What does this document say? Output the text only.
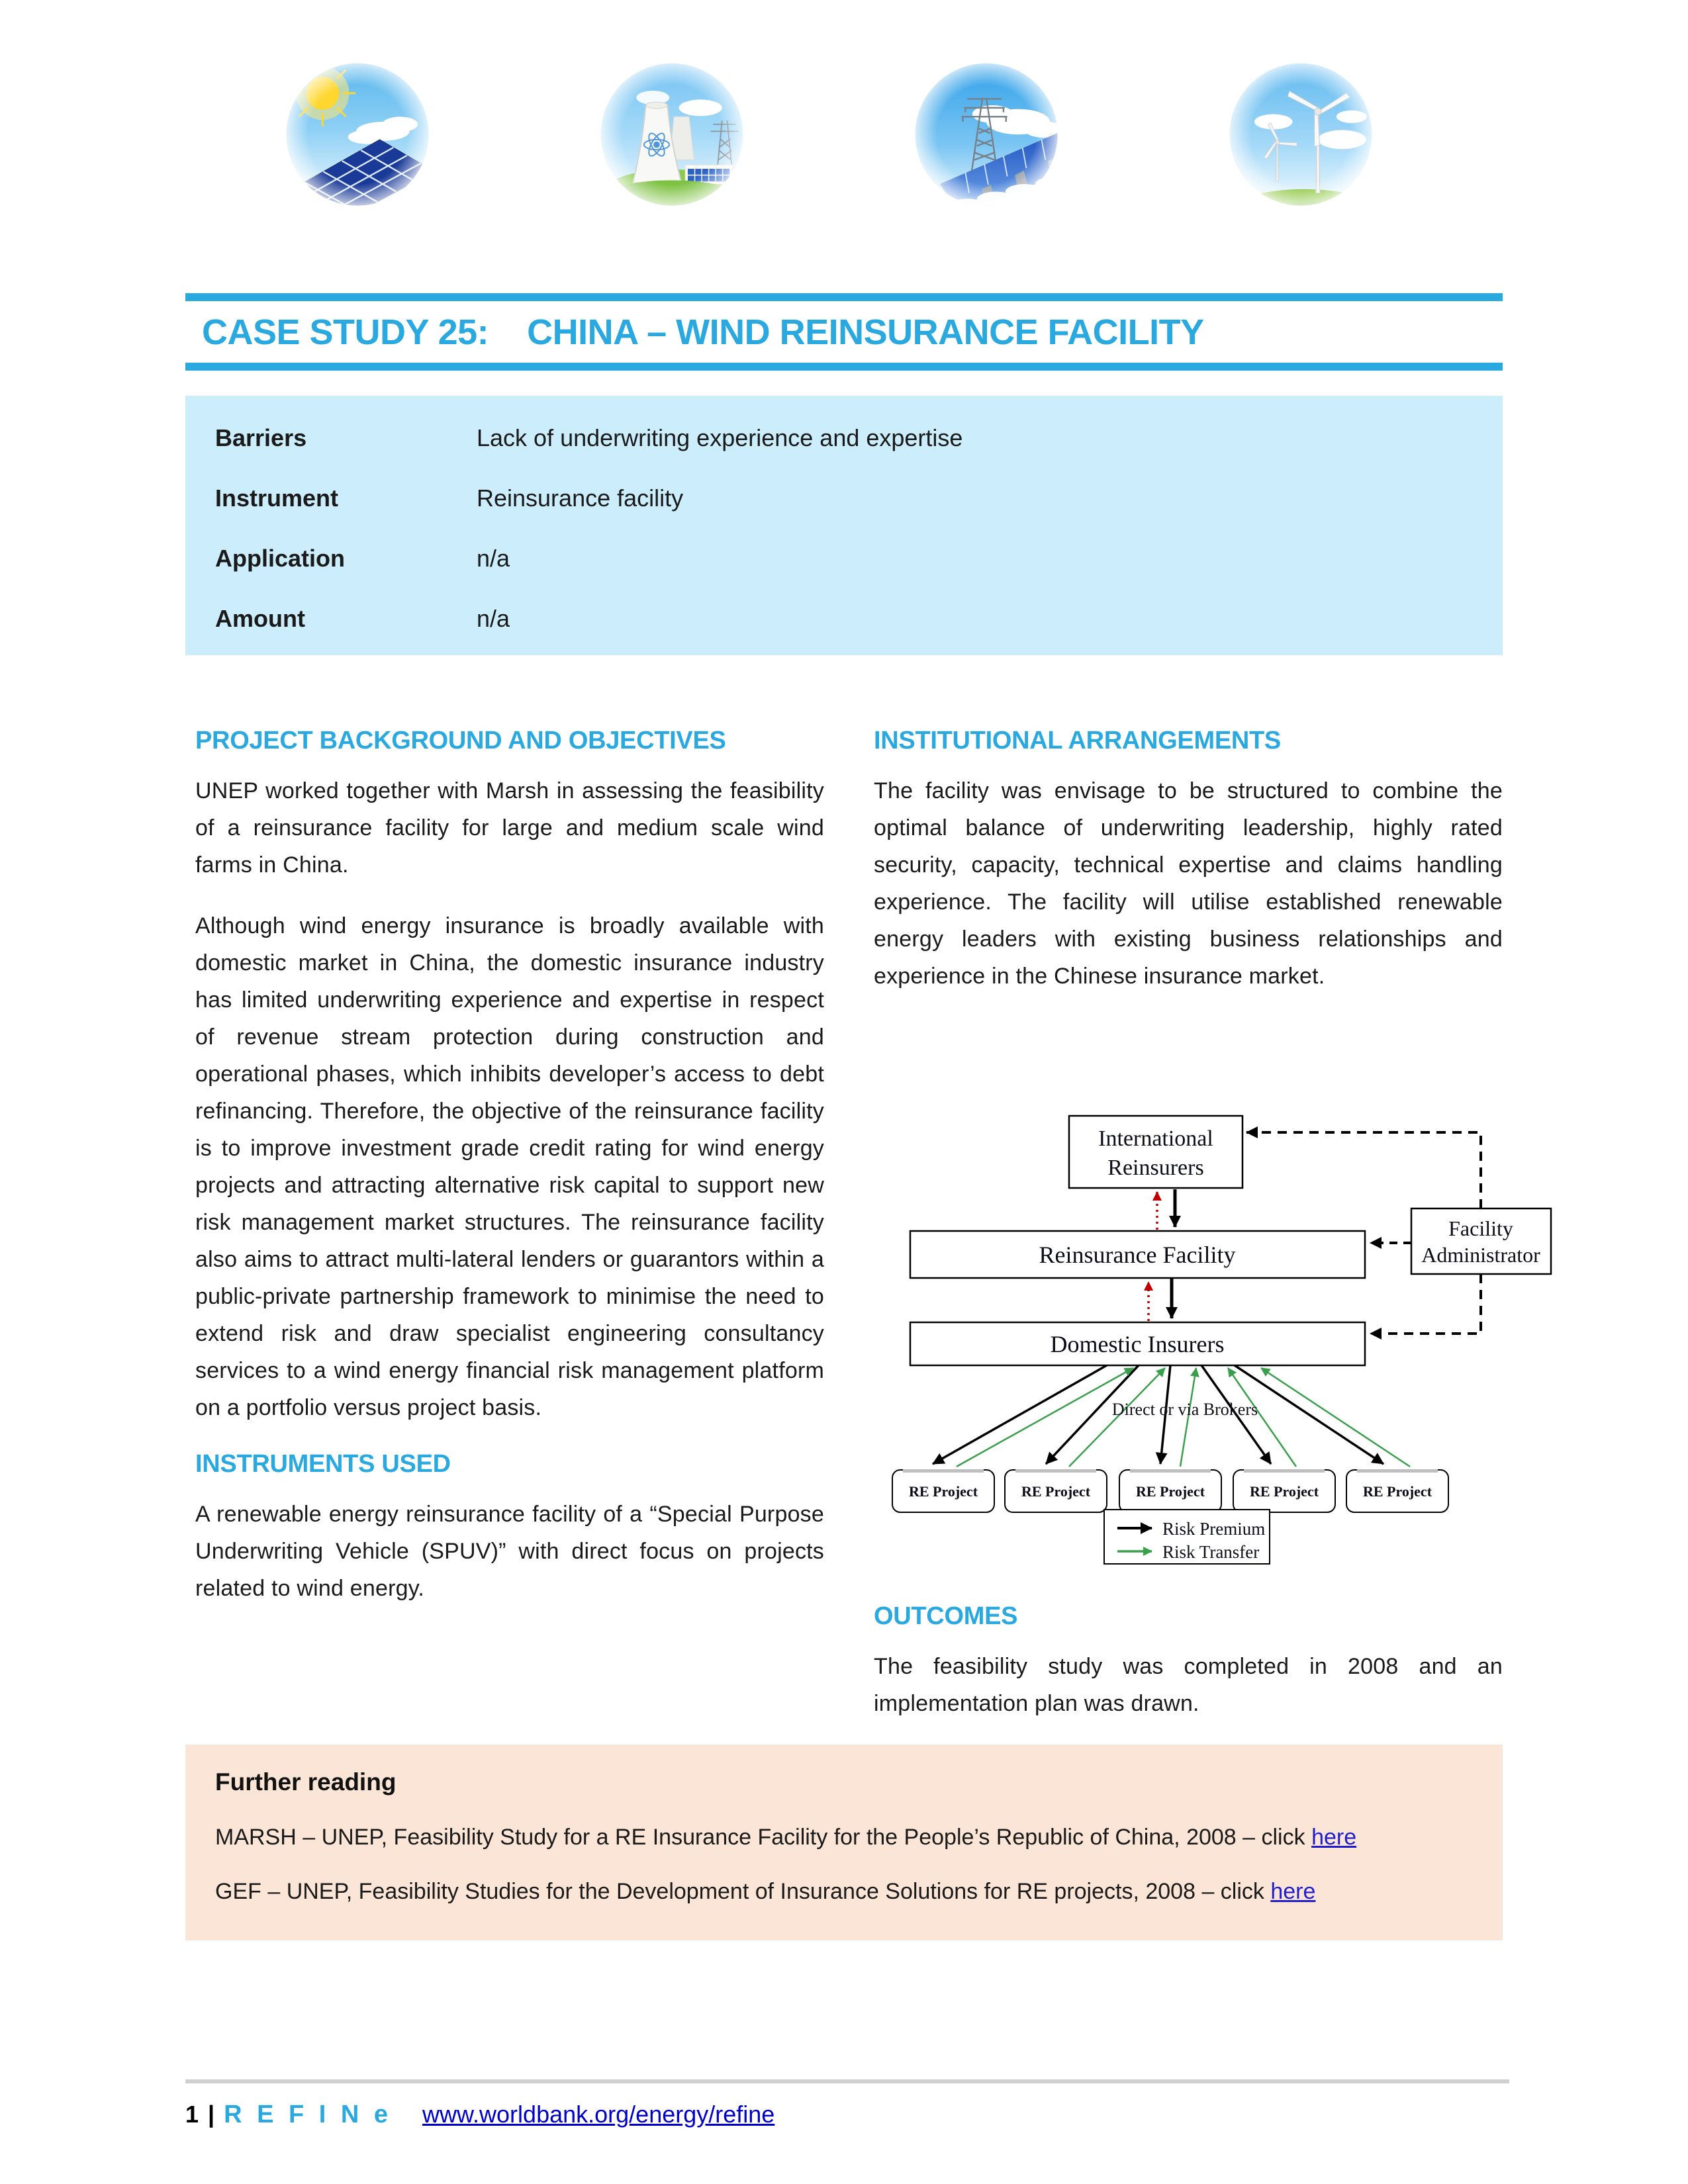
CASE STUDY 25: CHINA – WIND REINSURANCE FACILITY
Barriers	Lack of underwriting experience and expertise
Instrument	Reinsurance facility
Application	n/a
Amount	n/a
PROJECT BACKGROUND AND OBJECTIVES

UNEP worked together with Marsh in assessing the feasibility of a reinsurance facility for large and medium scale wind farms in China.

Although wind energy insurance is broadly available with domestic market in China, the domestic insurance industry has limited underwriting experience and expertise in respect of revenue stream protection during construction and operational phases, which inhibits developer’s access to debt refinancing. Therefore, the objective of the reinsurance facility is to improve investment grade credit rating for wind energy projects and attracting alternative risk capital to support new risk management market structures. The reinsurance facility also aims to attract multi-lateral lenders or guarantors within a public-private partnership framework to minimise the need to extend risk and draw specialist engineering consultancy services to a wind energy financial risk management platform on a portfolio versus project basis.

INSTRUMENTS USED

A renewable energy reinsurance facility of a “Special Purpose Underwriting Vehicle (SPUV)” with direct focus on projects related to wind energy.

INSTITUTIONAL ARRANGEMENTS

The facility was envisage to be structured to combine the optimal balance of underwriting leadership, highly rated security, capacity, technical expertise and claims handling experience. The facility will utilise established renewable energy leaders with existing business relationships and experience in the Chinese insurance market.

International
Reinsurers
Reinsurance Facility
Facility
Administrator
Domestic Insurers
Direct or via Brokers
RE Project	RE Project	RE Project	RE Project	RE Project
Risk Premium
Risk Transfer
OUTCOMES

The feasibility study was completed in 2008 and an implementation plan was drawn.

Further reading
MARSH – UNEP, Feasibility Study for a RE Insurance Facility for the People’s Republic of China, 2008 – click here
GEF – UNEP, Feasibility Studies for the Development of Insurance Solutions for RE projects, 2008 – click here
1 | R E F I N e www.worldbank.org/energy/refine
